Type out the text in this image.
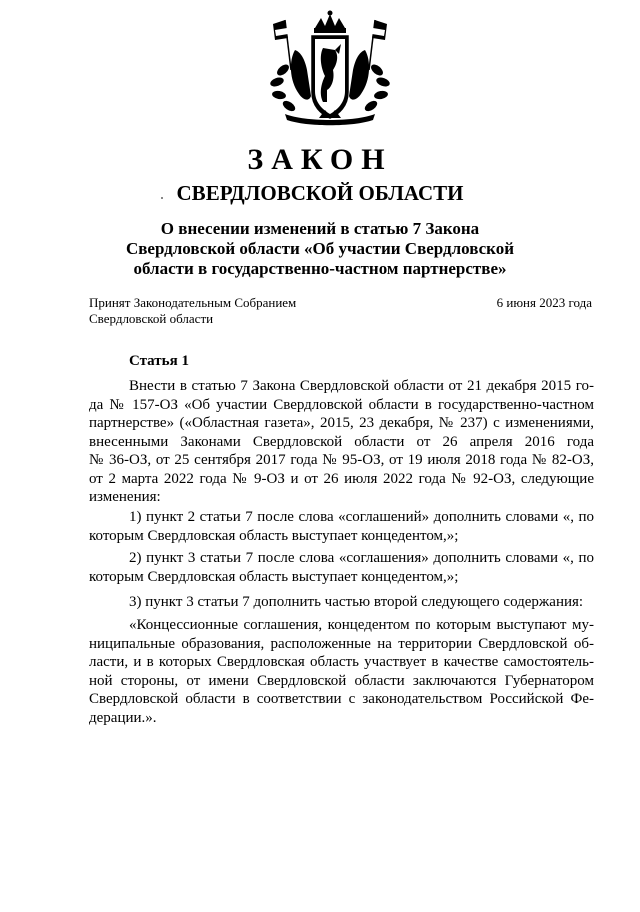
ЗАКОН
СВЕРДЛОВСКОЙ ОБЛАСТИ
О внесении изменений в статью 7 Закона
Свердловской области «Об участии Свердловской
области в государственно-частном партнерстве»
Принят Законодательным Собранием
Свердловской области
6 июня 2023 года
Статья 1
Внести в статью 7 Закона Свердловской области от 21 декабря 2015 го-
да № 157-ОЗ «Об участии Свердловской области в государственно-частном
партнерстве» («Областная газета», 2015, 23 декабря, № 237) с изменениями,
внесенными Законами Свердловской области от 26 апреля 2016 года
№ 36-ОЗ, от 25 сентября 2017 года № 95-ОЗ, от 19 июля 2018 года № 82-ОЗ,
от 2 марта 2022 года № 9-ОЗ и от 26 июля 2022 года № 92-ОЗ, следующие
изменения:
1) пункт 2 статьи 7 после слова «соглашений» дополнить словами «, по
которым Свердловская область выступает концедентом,»;
2) пункт 3 статьи 7 после слова «соглашения» дополнить словами «, по
которым Свердловская область выступает концедентом,»;
3) пункт 3 статьи 7 дополнить частью второй следующего содержания:
«Концессионные соглашения, концедентом по которым выступают му-
ниципальные образования, расположенные на территории Свердловской об-
ласти, и в которых Свердловская область участвует в качестве самостоятель-
ной стороны, от имени Свердловской области заключаются Губернатором
Свердловской области в соответствии с законодательством Российской Фе-
дерации.».
